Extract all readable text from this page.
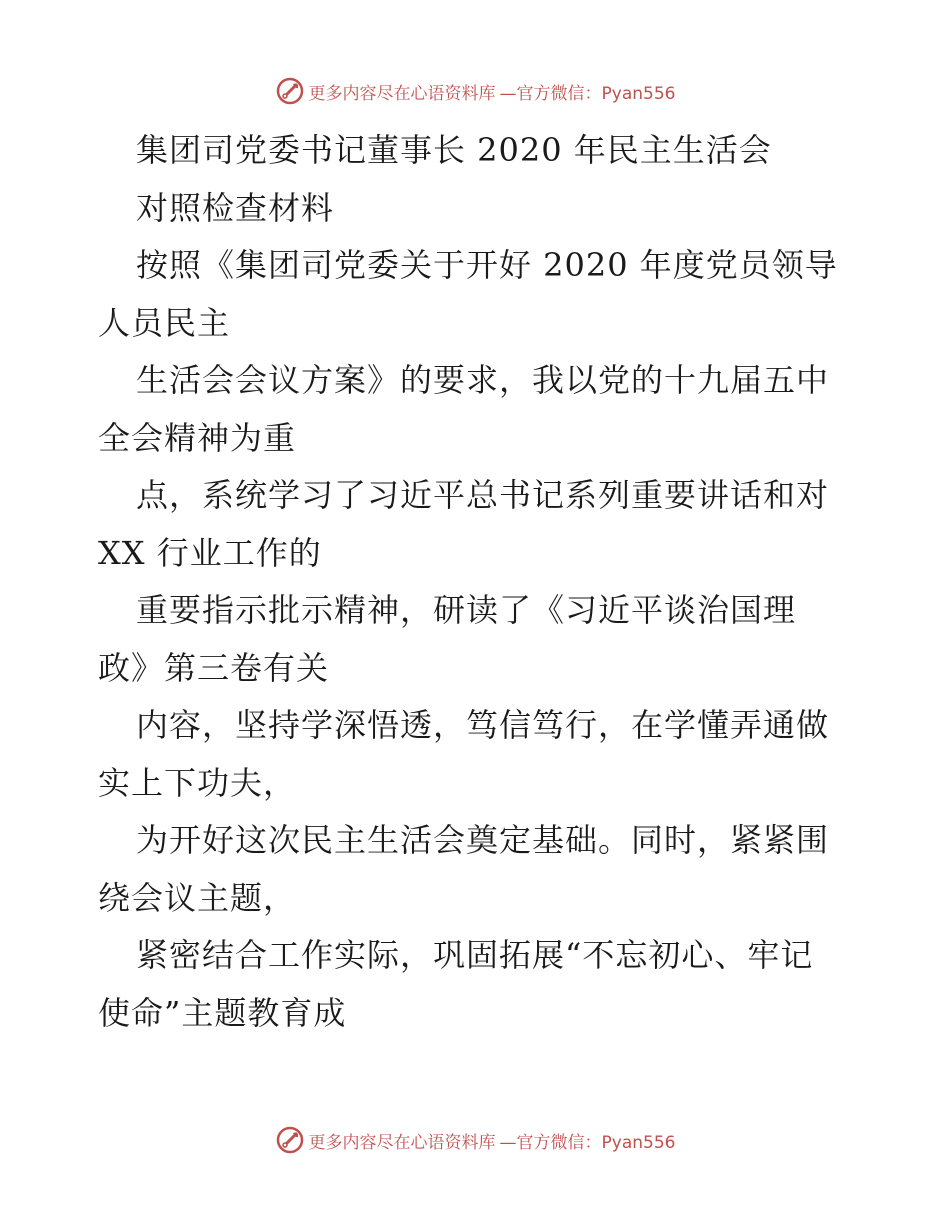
更多内容尽在心语资料库 —官方微信：Pyan556
集团司党委书记董事长 2020 年民主生活会
对照检查材料
按照《集团司党委关于开好 2020 年度党员领导
人员民主
生活会会议方案》的要求，我以党的十九届五中
全会精神为重
点，系统学习了习近平总书记系列重要讲话和对
XX 行业工作的
重要指示批示精神，研读了《习近平谈治国理
政》第三卷有关
内容，坚持学深悟透，笃信笃行，在学懂弄通做
实上下功夫，
为开好这次民主生活会奠定基础。同时，紧紧围
绕会议主题，
紧密结合工作实际，巩固拓展“不忘初心、牢记
使命”主题教育成
更多内容尽在心语资料库 —官方微信：Pyan556
